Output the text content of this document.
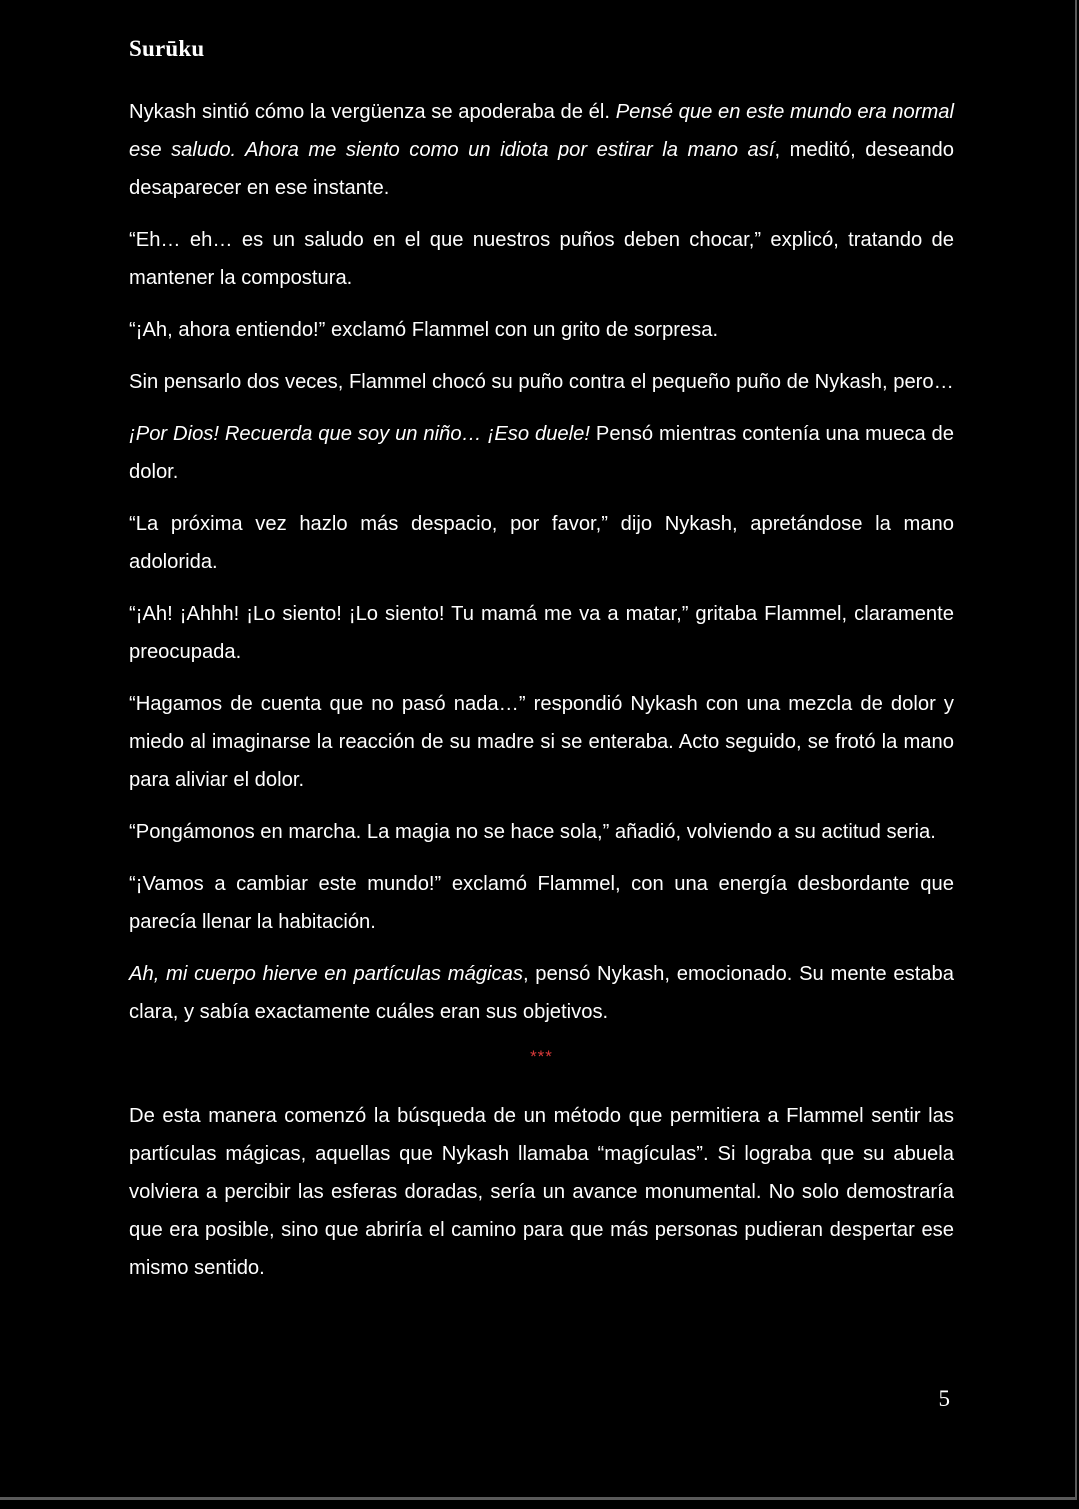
Surūku

Nykash sintió cómo la vergüenza se apoderaba de él. Pensé que en este mundo era normal ese saludo. Ahora me siento como un idiota por estirar la mano así, meditó, deseando desaparecer en ese instante.

“Eh… eh… es un saludo en el que nuestros puños deben chocar,” explicó, tratando de mantener la compostura.

“¡Ah, ahora entiendo!” exclamó Flammel con un grito de sorpresa.

Sin pensarlo dos veces, Flammel chocó su puño contra el pequeño puño de Nykash, pero…

¡Por Dios! Recuerda que soy un niño… ¡Eso duele! Pensó mientras contenía una mueca de dolor.

“La próxima vez hazlo más despacio, por favor,” dijo Nykash, apretándose la mano adolorida.

“¡Ah! ¡Ahhh! ¡Lo siento! ¡Lo siento! Tu mamá me va a matar,” gritaba Flammel, claramente preocupada.

“Hagamos de cuenta que no pasó nada…” respondió Nykash con una mezcla de dolor y miedo al imaginarse la reacción de su madre si se enteraba. Acto seguido, se frotó la mano para aliviar el dolor.

“Pongámonos en marcha. La magia no se hace sola,” añadió, volviendo a su actitud seria.

“¡Vamos a cambiar este mundo!” exclamó Flammel, con una energía desbordante que parecía llenar la habitación.

Ah, mi cuerpo hierve en partículas mágicas, pensó Nykash, emocionado. Su mente estaba clara, y sabía exactamente cuáles eran sus objetivos.

***

De esta manera comenzó la búsqueda de un método que permitiera a Flammel sentir las partículas mágicas, aquellas que Nykash llamaba “magículas”. Si lograba que su abuela volviera a percibir las esferas doradas, sería un avance monumental. No solo demostraría que era posible, sino que abriría el camino para que más personas pudieran despertar ese mismo sentido.

5
